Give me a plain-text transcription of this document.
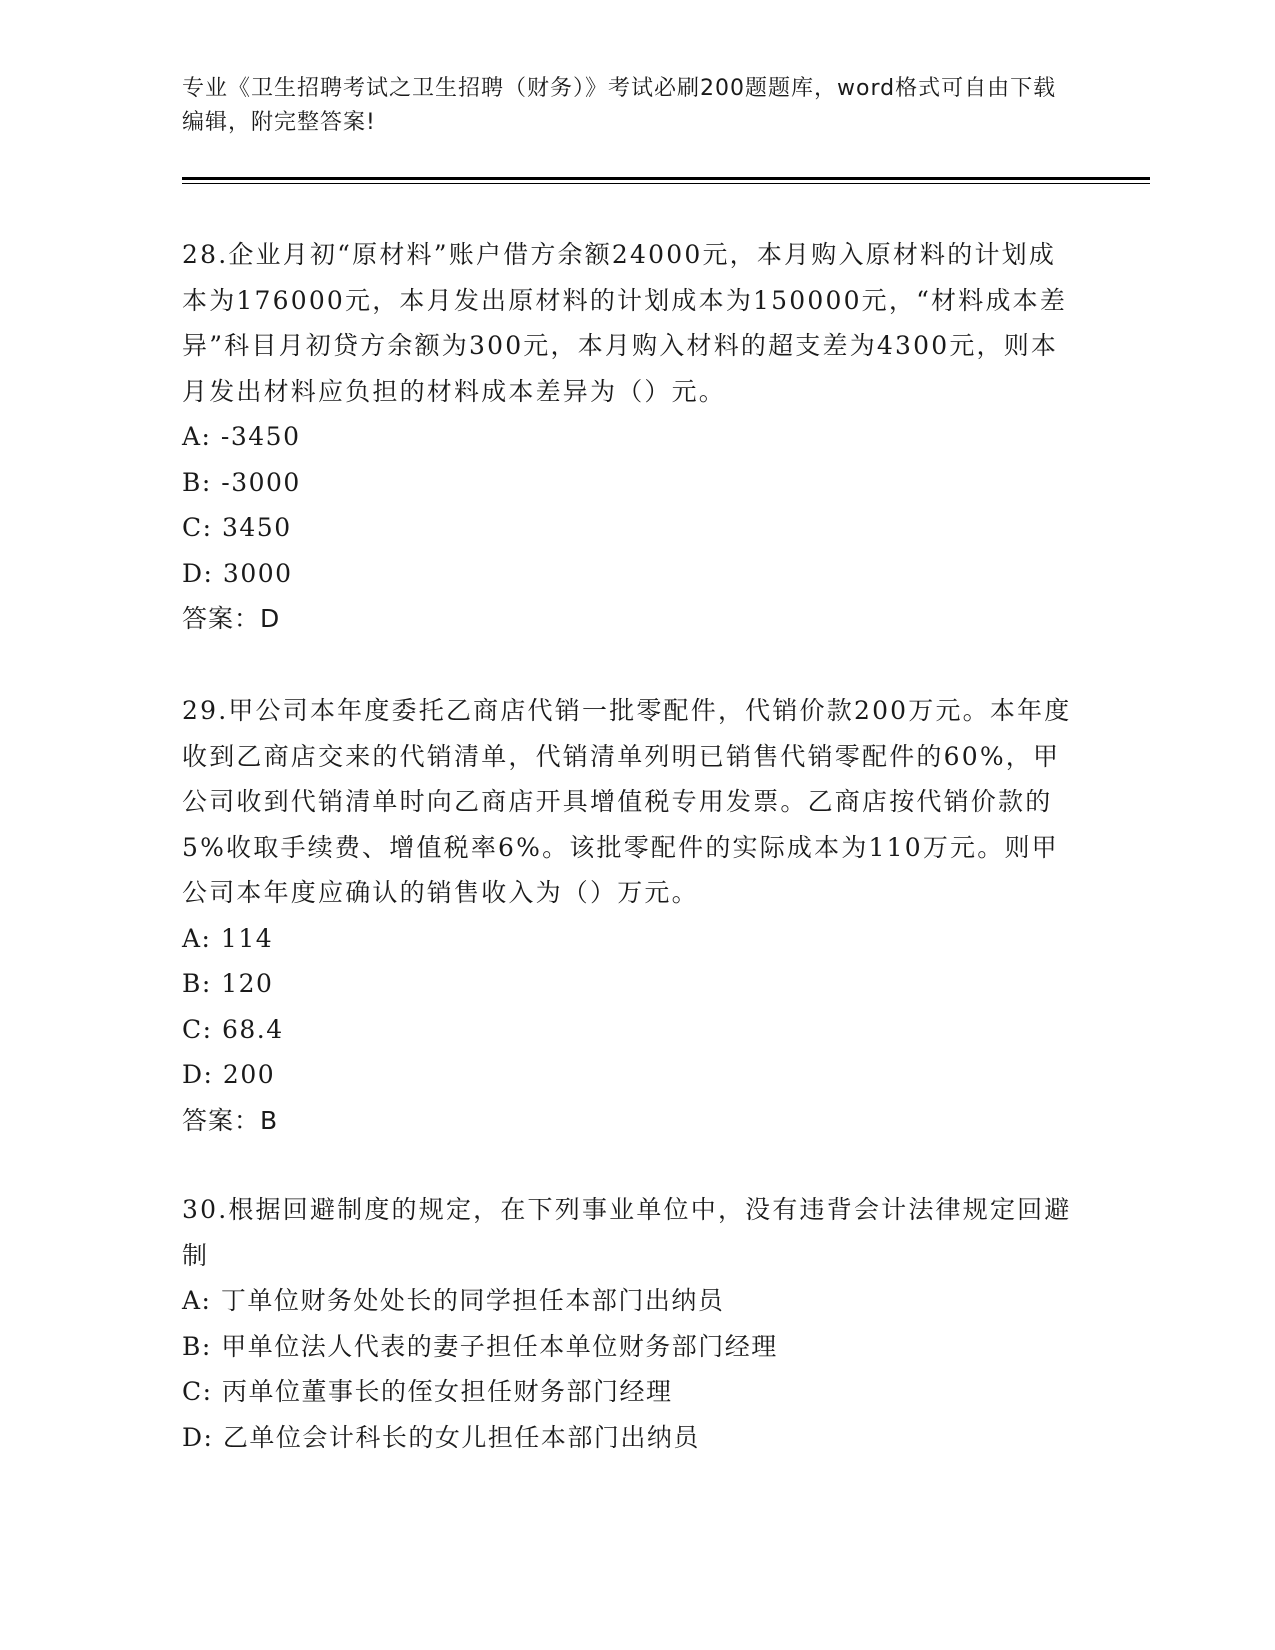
专业《卫生招聘考试之卫生招聘（财务）》考试必刷200题题库，word格式可自由下载编辑，附完整答案!

28.企业月初“原材料”账户借方余额24000元，本月购入原材料的计划成本为176000元，本月发出原材料的计划成本为150000元，“材料成本差异”科目月初贷方余额为300元，本月购入材料的超支差为4300元，则本月发出材料应负担的材料成本差异为（）元。

A: -3450

B: -3000

C: 3450

D: 3000

答案：D

29.甲公司本年度委托乙商店代销一批零配件，代销价款200万元。本年度收到乙商店交来的代销清单，代销清单列明已销售代销零配件的60%，甲公司收到代销清单时向乙商店开具增值税专用发票。乙商店按代销价款的5%收取手续费、增值税率6%。该批零配件的实际成本为110万元。则甲公司本年度应确认的销售收入为（）万元。

A: 114

B: 120

C: 68.4

D: 200

答案：B

30.根据回避制度的规定，在下列事业单位中，没有违背会计法律规定回避制

A: 丁单位财务处处长的同学担任本部门出纳员

B: 甲单位法人代表的妻子担任本单位财务部门经理

C: 丙单位董事长的侄女担任财务部门经理

D: 乙单位会计科长的女儿担任本部门出纳员
